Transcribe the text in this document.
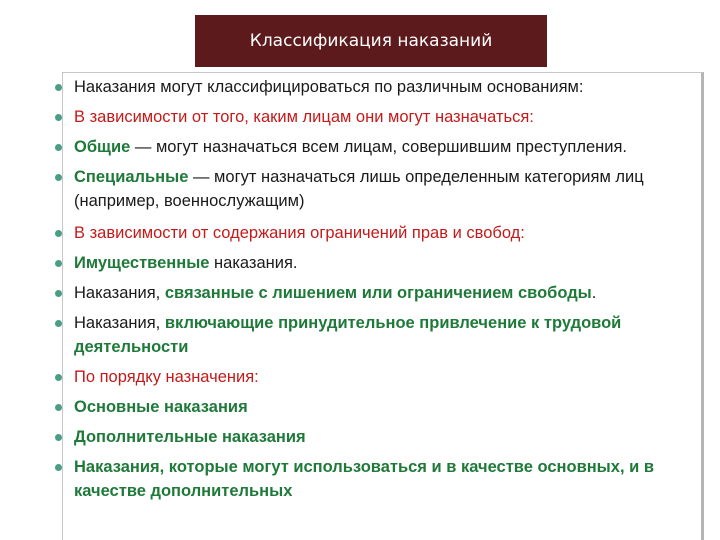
Классификация наказаний
Наказания могут классифицироваться по различным основаниям:
В зависимости от того, каким лицам они могут назначаться:
Общие — могут назначаться всем лицам, совершившим преступления.
Специальные — могут назначаться лишь определенным категориям лиц (например, военнослужащим)
В зависимости от содержания ограничений прав и свобод:
Имущественные наказания.
Наказания, связанные с лишением или ограничением свободы.
Наказания, включающие принудительное привлечение к трудовой деятельности
По порядку назначения:
Основные наказания
Дополнительные наказания
Наказания, которые могут использоваться и в качестве основных, и в качестве дополнительных
